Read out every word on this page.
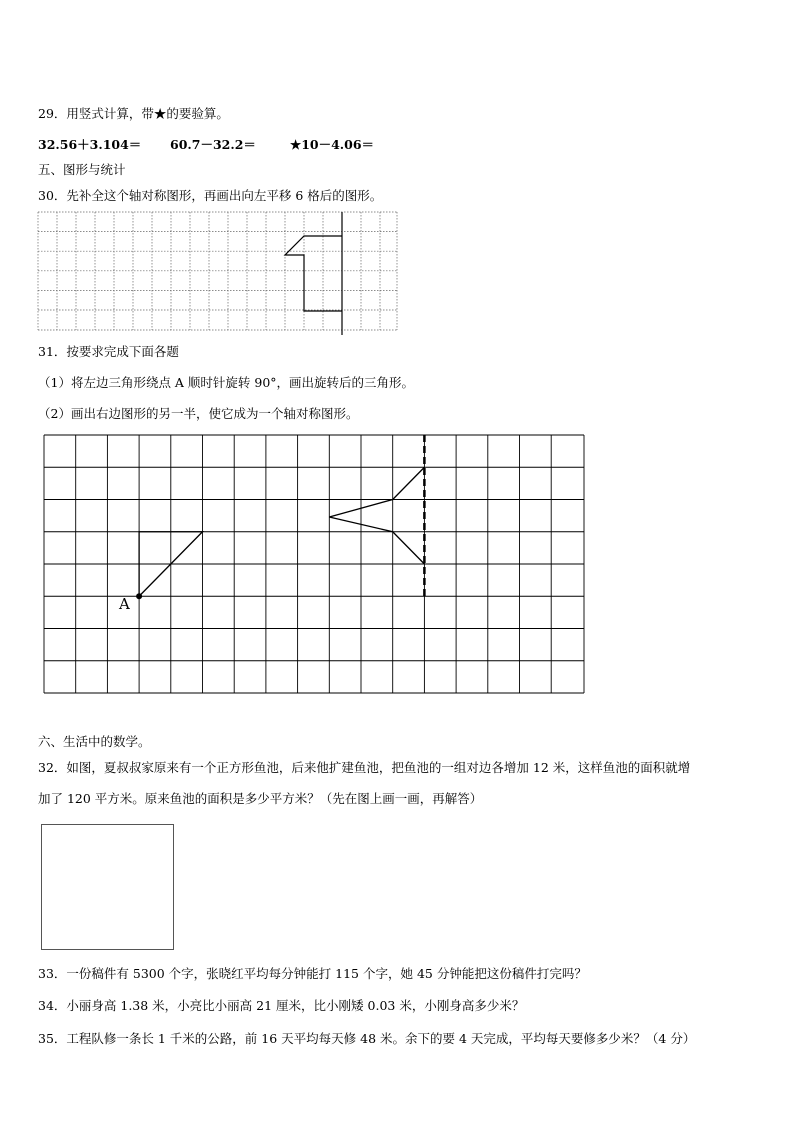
29．用竖式计算，带★的要验算。
32.56＋3.104＝ 60.7－32.2＝	★10－4.06＝
五、图形与统计
30．先补全这个轴对称图形，再画出向左平移 6 格后的图形。
31．按要求完成下面各题
（1）将左边三角形绕点 A 顺时针旋转 90°，画出旋转后的三角形。
（2）画出右边图形的另一半，使它成为一个轴对称图形。
A
六、生活中的数学。
32．如图，夏叔叔家原来有一个正方形鱼池，后来他扩建鱼池，把鱼池的一组对边各增加 12 米，这样鱼池的面积就增
加了 120 平方米。原来鱼池的面积是多少平方米？（先在图上画一画，再解答）
33．一份稿件有 5300 个字，张晓红平均每分钟能打 115 个字，她 45 分钟能把这份稿件打完吗？
34．小丽身高 1.38 米，小亮比小丽高 21 厘米，比小刚矮 0.03 米，小刚身高多少米？
35．工程队修一条长 1 千米的公路，前 16 天平均每天修 48 米。余下的要 4 天完成，平均每天要修多少米？（4 分）
